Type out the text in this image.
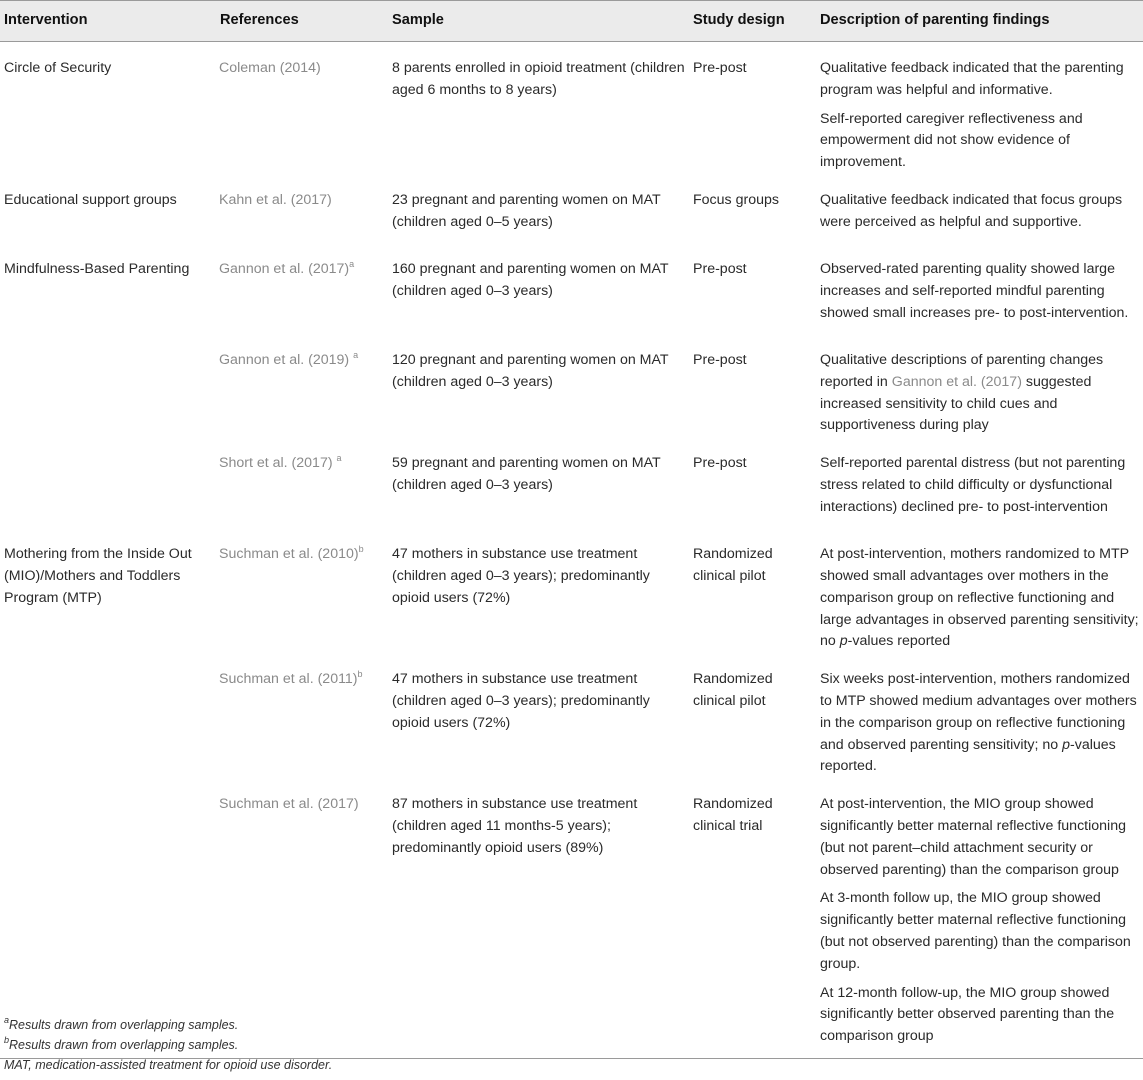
Intervention	References	Sample	Study design	Description of parenting findings

Circle of Security	Coleman (2014)	8 parents enrolled in opioid treatment (children aged 6 months to 8 years)	Pre-post	Qualitative feedback indicated that the parenting program was helpful and informative.

Self-reported caregiver reflectiveness and empowerment did not show evidence of improvement.

Educational support groups	Kahn et al. (2017)	23 pregnant and parenting women on MAT (children aged 0–5 years)	Focus groups	Qualitative feedback indicated that focus groups were perceived as helpful and supportive.

Mindfulness-Based Parenting	Gannon et al. $(2017)^a$	160 pregnant and parenting women on MAT (children aged 0–3 years)	Pre-post	Observed-rated parenting quality showed large increases and self-reported mindful parenting showed small increases pre- to post-intervention.

	Gannon et al. (2019) $^a$	120 pregnant and parenting women on MAT (children aged 0–3 years)	Pre-post	Qualitative descriptions of parenting changes reported in Gannon et al. (2017) suggested increased sensitivity to child cues and supportiveness during play

	Short et al. (2017) $^a$	59 pregnant and parenting women on MAT (children aged 0–3 years)	Pre-post	Self-reported parental distress (but not parenting stress related to child difficulty or dysfunctional interactions) declined pre- to post-intervention

Mothering from the Inside Out (MIO)/Mothers and Toddlers Program (MTP)	Suchman et al. $(2010)^b$	47 mothers in substance use treatment (children aged 0–3 years); predominantly opioid users (72%)	Randomized clinical pilot	At post-intervention, mothers randomized to MTP showed small advantages over mothers in the comparison group on reflective functioning and large advantages in observed parenting sensitivity; no p-values reported

	Suchman et al. $(2011)^b$	47 mothers in substance use treatment (children aged 0–3 years); predominantly opioid users (72%)	Randomized clinical pilot	Six weeks post-intervention, mothers randomized to MTP showed medium advantages over mothers in the comparison group on reflective functioning and observed parenting sensitivity; no p-values reported.

	Suchman et al. (2017)	87 mothers in substance use treatment (children aged 11 months-5 years); predominantly opioid users (89%)	Randomized clinical trial	At post-intervention, the MIO group showed significantly better maternal reflective functioning (but not parent–child attachment security or observed parenting) than the comparison group

At 3-month follow up, the MIO group showed significantly better maternal reflective functioning (but not observed parenting) than the comparison group.

At 12-month follow-up, the MIO group showed significantly better observed parenting than the comparison group

$^a$Results drawn from overlapping samples.
$^b$Results drawn from overlapping samples.
MAT, medication-assisted treatment for opioid use disorder.
